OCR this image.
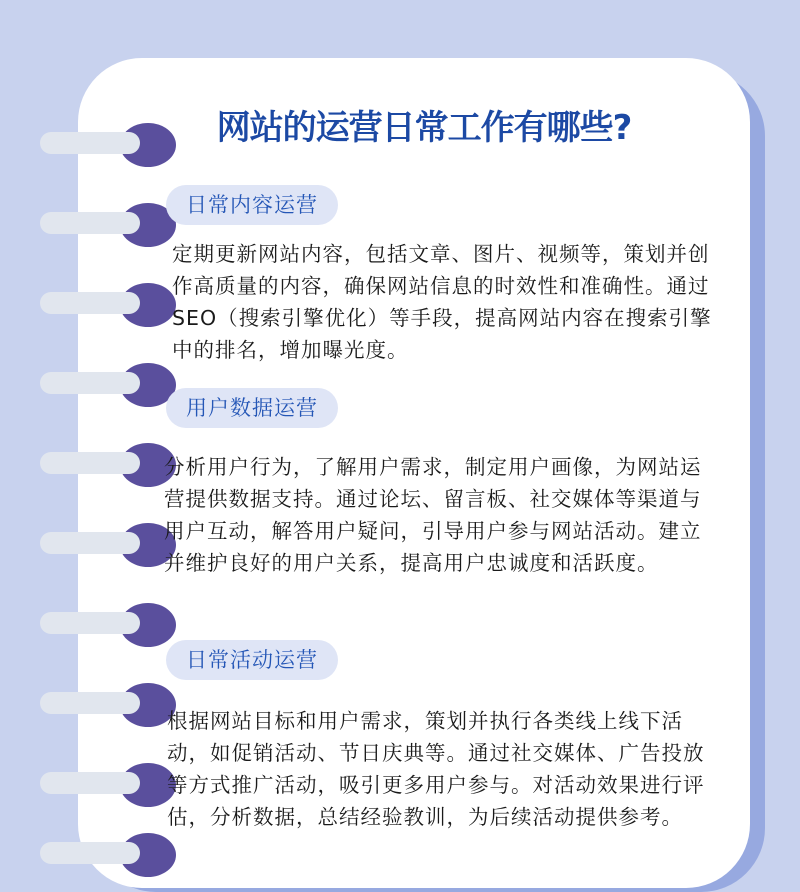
网站的运营日常工作有哪些?
日常内容运营

定期更新网站内容，包括文章、图片、视频等，策划并创作高质量的内容，确保网站信息的时效性和准确性。通过SEO（搜索引擎优化）等手段，提高网站内容在搜索引擎中的排名，增加曝光度。

用户数据运营

分析用户行为，了解用户需求，制定用户画像，为网站运营提供数据支持。通过论坛、留言板、社交媒体等渠道与用户互动，解答用户疑问，引导用户参与网站活动。建立并维护良好的用户关系，提高用户忠诚度和活跃度。

日常活动运营

根据网站目标和用户需求，策划并执行各类线上线下活动，如促销活动、节日庆典等。通过社交媒体、广告投放等方式推广活动，吸引更多用户参与。对活动效果进行评估，分析数据，总结经验教训，为后续活动提供参考。
